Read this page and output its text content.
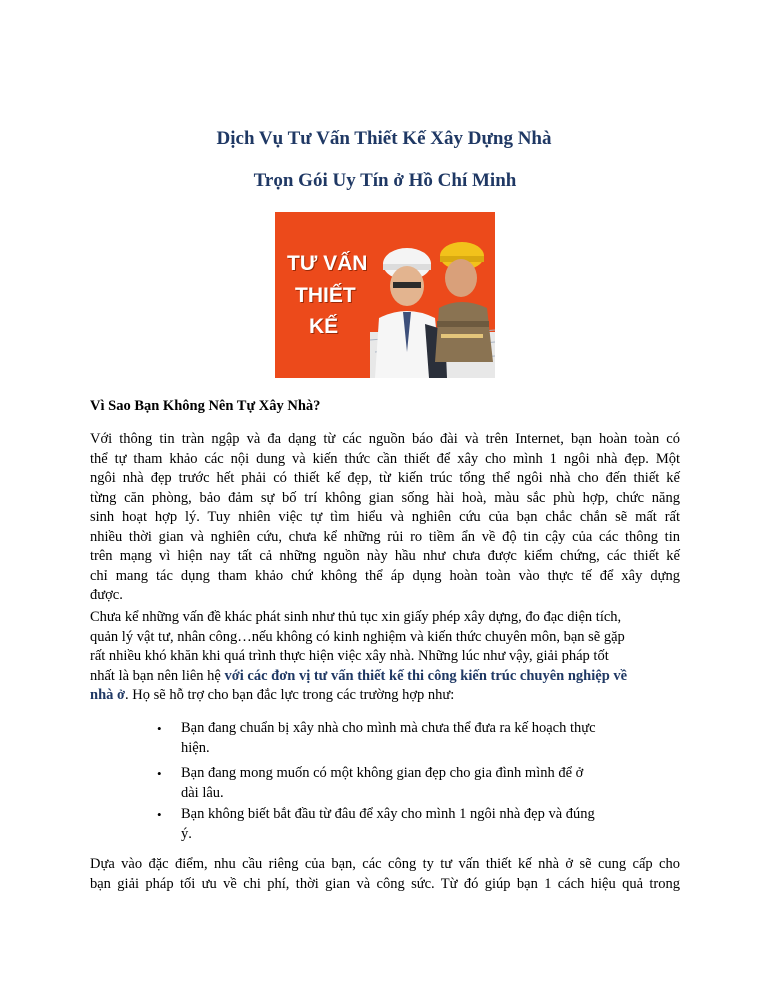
Dịch Vụ Tư Vấn Thiết Kế Xây Dựng Nhà
Trọn Gói Uy Tín ở Hồ Chí Minh
TƯ VẤN
THIẾT
KẾ
Vì Sao Bạn Không Nên Tự Xây Nhà?
Với thông tin tràn ngập và đa dạng từ các nguồn báo đài và trên Internet, bạn hoàn toàn có
thể tự tham khảo các nội dung và kiến thức cần thiết để xây cho mình 1 ngôi nhà đẹp. Một
ngôi nhà đẹp trước hết phải có thiết kế đẹp, từ kiến trúc tổng thể ngôi nhà cho đến thiết kế
từng căn phòng, bảo đảm sự bố trí không gian sống hài hoà, màu sắc phù hợp, chức năng
sinh hoạt hợp lý. Tuy nhiên việc tự tìm hiểu và nghiên cứu của bạn chắc chắn sẽ mất rất
nhiều thời gian và nghiên cứu, chưa kể những rủi ro tiềm ẩn về độ tin cậy của các thông tin
trên mạng vì hiện nay tất cả những nguồn này hầu như chưa được kiểm chứng, các thiết kế
chỉ mang tác dụng tham khảo chứ không thể áp dụng hoàn toàn vào thực tế để xây dựng
được.
Chưa kể những vấn đề khác phát sinh như thủ tục xin giấy phép xây dựng, đo đạc diện tích,
quản lý vật tư, nhân công…nếu không có kinh nghiệm và kiến thức chuyên môn, bạn sẽ gặp
rất nhiều khó khăn khi quá trình thực hiện việc xây nhà. Những lúc như vậy, giải pháp tốt
nhất là bạn nên liên hệ với các đơn vị tư vấn thiết kế thi công kiến trúc chuyên nghiệp về
nhà ở. Họ sẽ hỗ trợ cho bạn đắc lực trong các trường hợp như:
• Bạn đang chuẩn bị xây nhà cho mình mà chưa thể đưa ra kế hoạch thực
hiện.
• Bạn đang mong muốn có một không gian đẹp cho gia đình mình để ở
dài lâu.
• Bạn không biết bắt đầu từ đâu để xây cho mình 1 ngôi nhà đẹp và đúng
ý.
Dựa vào đặc điểm, nhu cầu riêng của bạn, các công ty tư vấn thiết kế nhà ở sẽ cung cấp cho
bạn giải pháp tối ưu về chi phí, thời gian và công sức. Từ đó giúp bạn 1 cách hiệu quả trong
